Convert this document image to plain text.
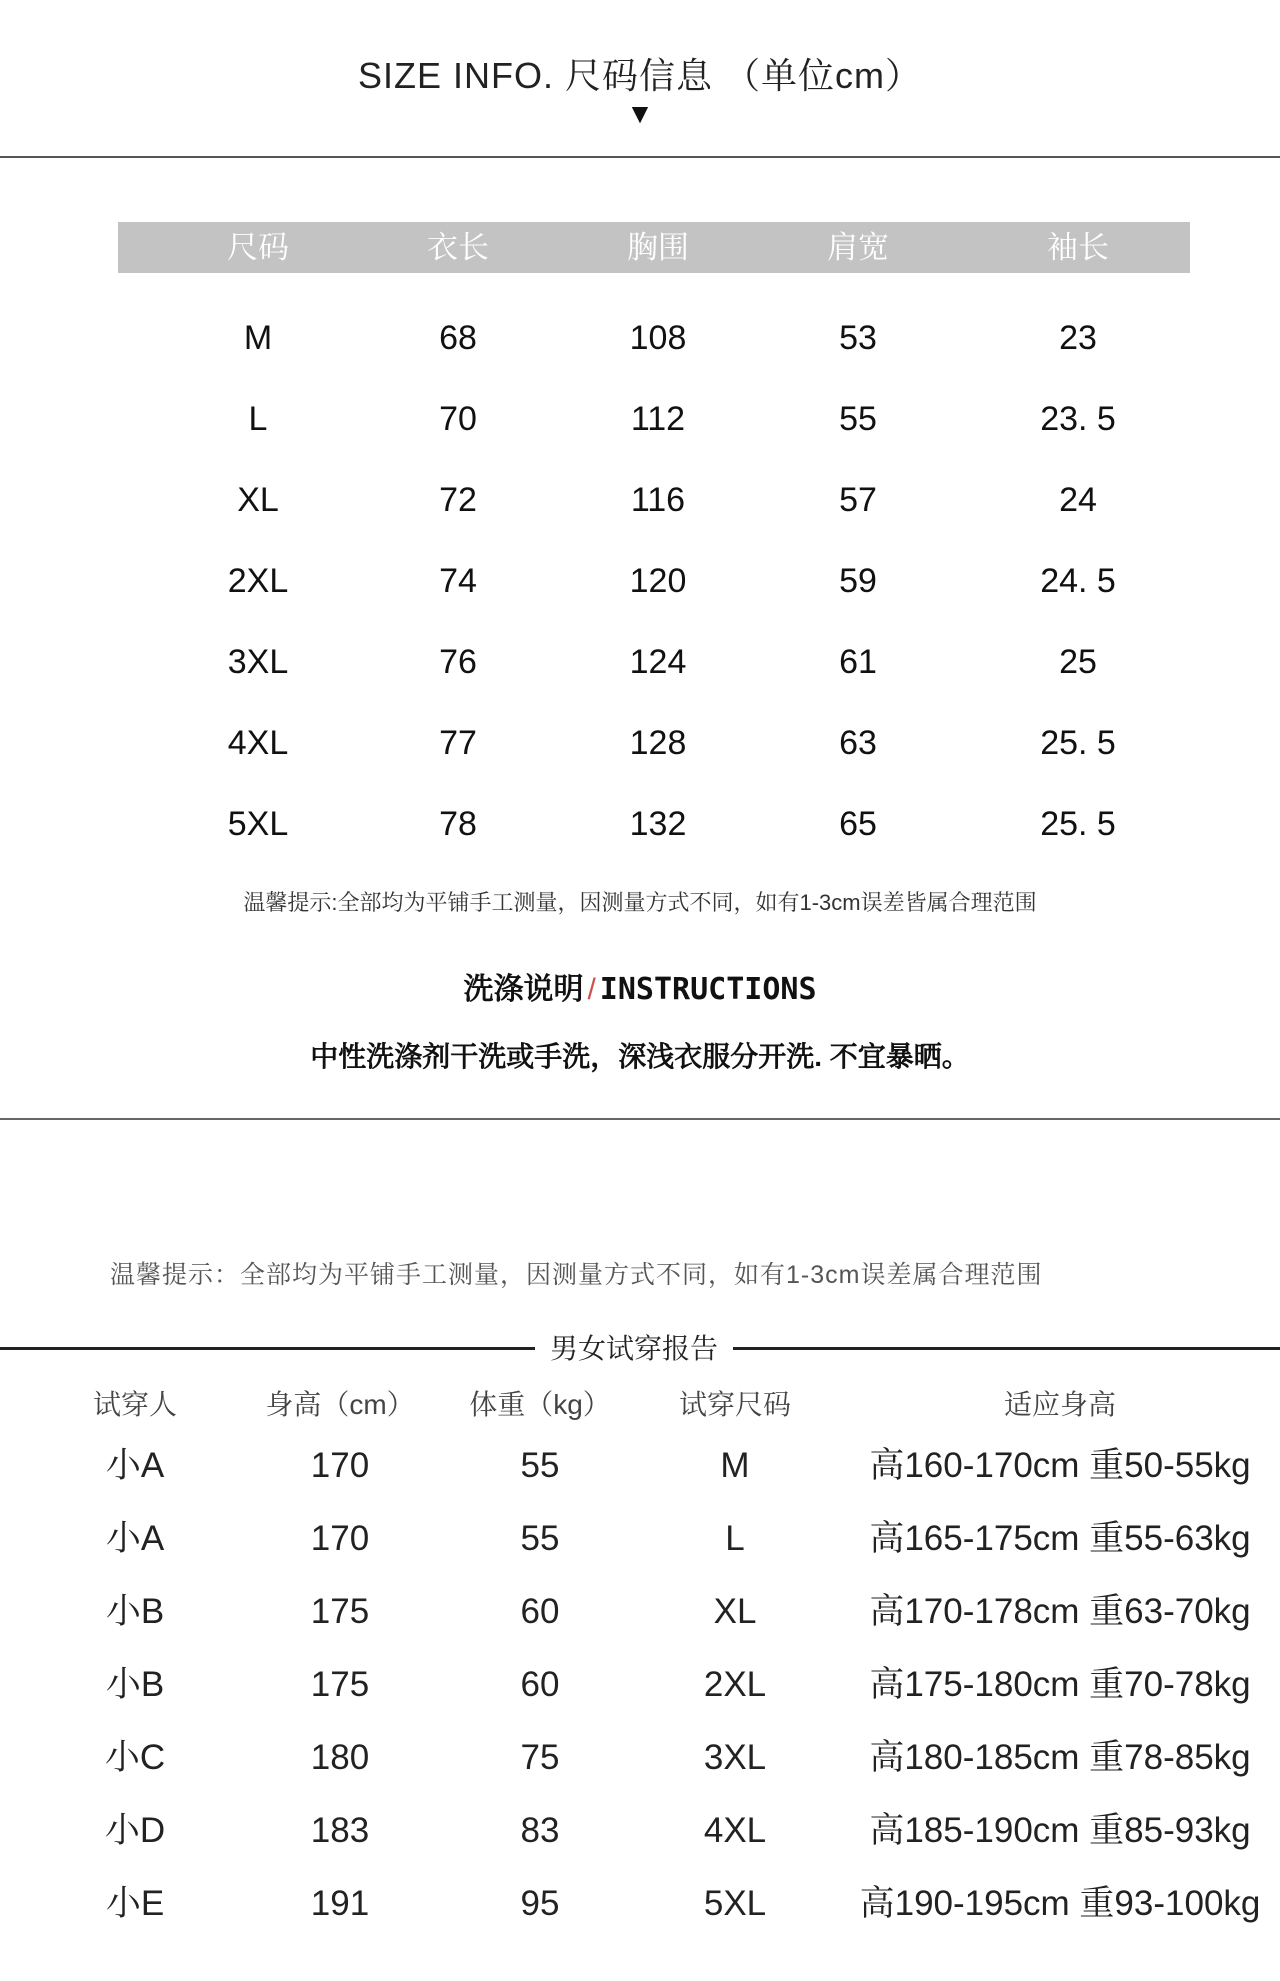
SIZE INFO. 尺码信息 （单位cm）
▼
尺码	衣长	胸围	肩宽	袖长
M	68	108	53	23
L	70	112	55	23. 5
XL	72	116	57	24
2XL	74	120	59	24. 5
3XL	76	124	61	25
4XL	77	128	63	25. 5
5XL	78	132	65	25. 5
温馨提示:全部均为平铺手工测量，因测量方式不同，如有1-3cm误差皆属合理范围
洗涤说明 / INSTRUCTIONS
中性洗涤剂干洗或手洗，深浅衣服分开洗. 不宜暴晒。
温馨提示：全部均为平铺手工测量，因测量方式不同，如有1-3cm误差属合理范围
男女试穿报告
试穿人	身高（cm）	体重（kg）	试穿尺码	适应身高
小A	170	55	M	高160-170cm 重50-55kg
小A	170	55	L	高165-175cm 重55-63kg
小B	175	60	XL	高170-178cm 重63-70kg
小B	175	60	2XL	高175-180cm 重70-78kg
小C	180	75	3XL	高180-185cm 重78-85kg
小D	183	83	4XL	高185-190cm 重85-93kg
小E	191	95	5XL	高190-195cm 重93-100kg
